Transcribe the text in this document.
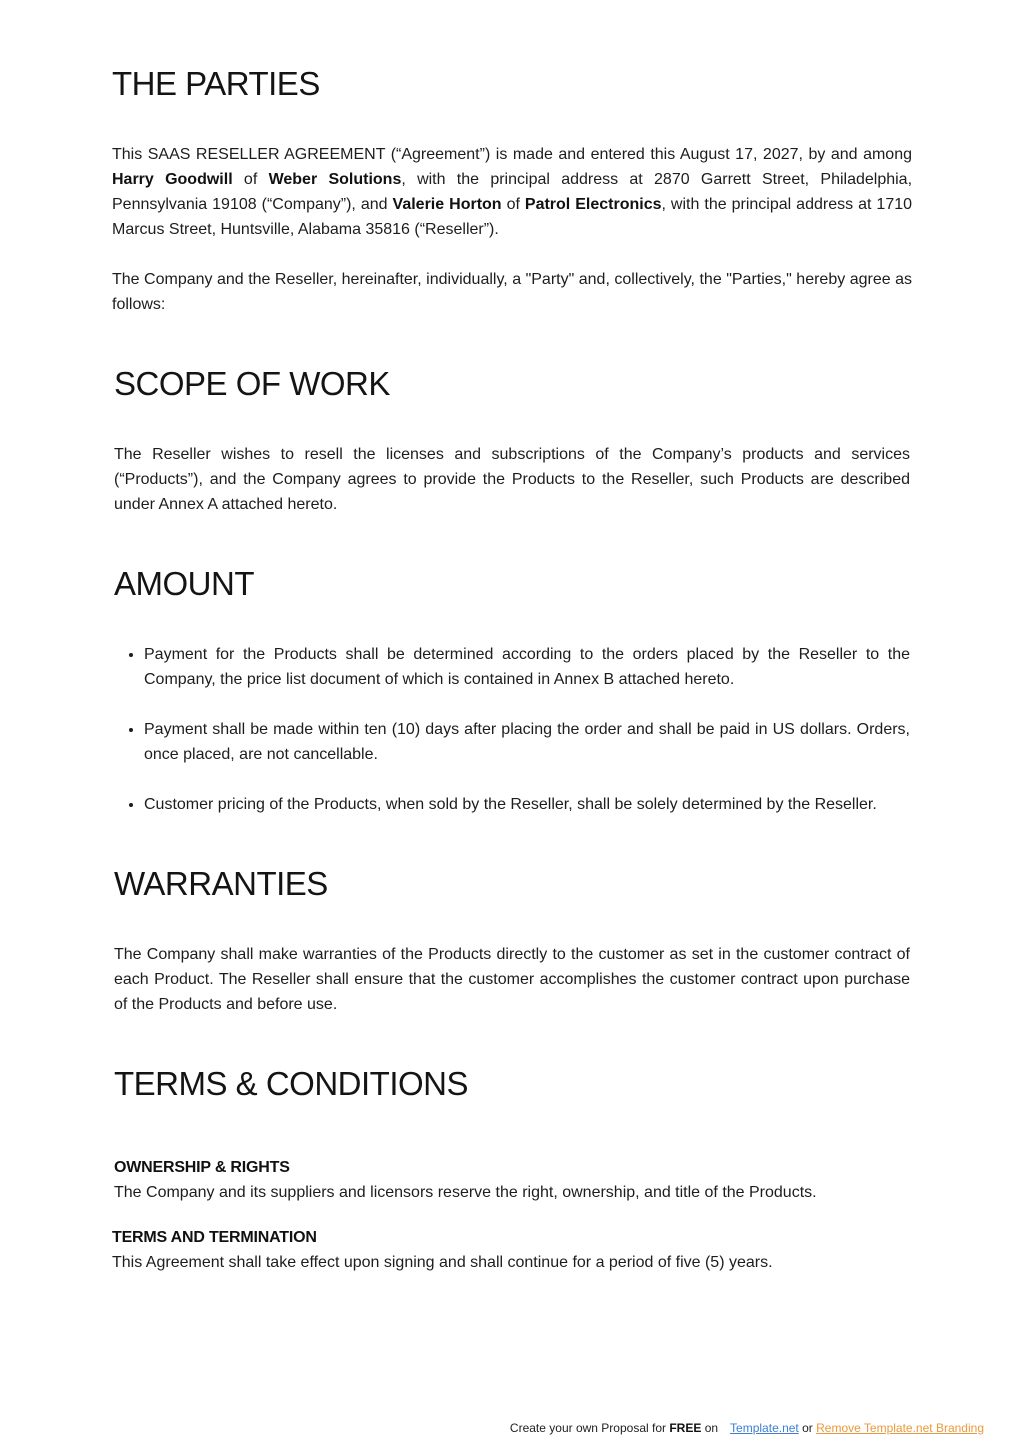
THE PARTIES

This SAAS RESELLER AGREEMENT (“Agreement”) is made and entered this August 17, 2027, by and among Harry Goodwill of Weber Solutions, with the principal address at 2870 Garrett Street, Philadelphia, Pennsylvania 19108 (“Company”), and Valerie Horton of Patrol Electronics, with the principal address at 1710 Marcus Street, Huntsville, Alabama 35816 (“Reseller”).

The Company and the Reseller, hereinafter, individually, a "Party" and, collectively, the "Parties," hereby agree as follows:

SCOPE OF WORK

The Reseller wishes to resell the licenses and subscriptions of the Company’s products and services (“Products”), and the Company agrees to provide the Products to the Reseller, such Products are described under Annex A attached hereto.

AMOUNT
• Payment for the Products shall be determined according to the orders placed by the Reseller to the Company, the price list document of which is contained in Annex B attached hereto.
• Payment shall be made within ten (10) days after placing the order and shall be paid in US dollars. Orders, once placed, are not cancellable.
• Customer pricing of the Products, when sold by the Reseller, shall be solely determined by the Reseller.
WARRANTIES

The Company shall make warranties of the Products directly to the customer as set in the customer contract of each Product. The Reseller shall ensure that the customer accomplishes the customer contract upon purchase of the Products and before use.

TERMS & CONDITIONS
OWNERSHIP & RIGHTS

The Company and its suppliers and licensors reserve the right, ownership, and title of the Products.

TERMS AND TERMINATION

This Agreement shall take effect upon signing and shall continue for a period of five (5) years.

Create your own Proposal for FREE on Template.net or Remove Template.net Branding
